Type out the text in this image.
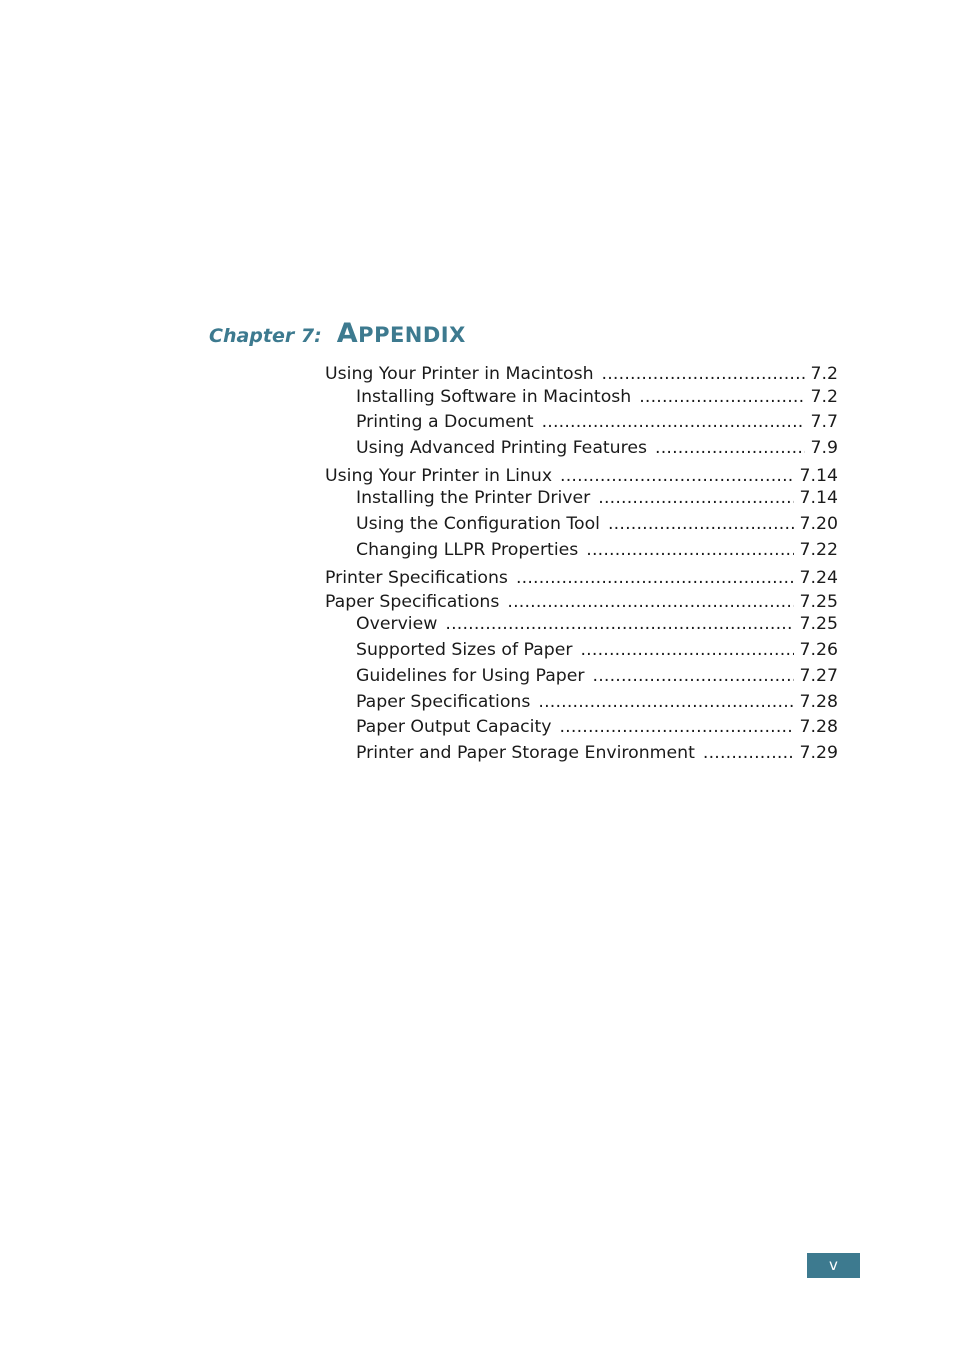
Chapter 7: APPENDIX
Using Your Printer in Macintosh .....	7.2
Installing Software in Macintosh .....	7.2
Printing a Document .....	7.7
Using Advanced Printing Features .....	7.9
Using Your Printer in Linux .....	7.14
Installing the Printer Driver .....	7.14
Using the Configuration Tool .....	7.20
Changing LLPR Properties .....	7.22
Printer Specifications .....	7.24
Paper Specifications .....	7.25
Overview .....	7.25
Supported Sizes of Paper .....	7.26
Guidelines for Using Paper .....	7.27
Paper Specifications .....	7.28
Paper Output Capacity .....	7.28
Printer and Paper Storage Environment .....	7.29
v
